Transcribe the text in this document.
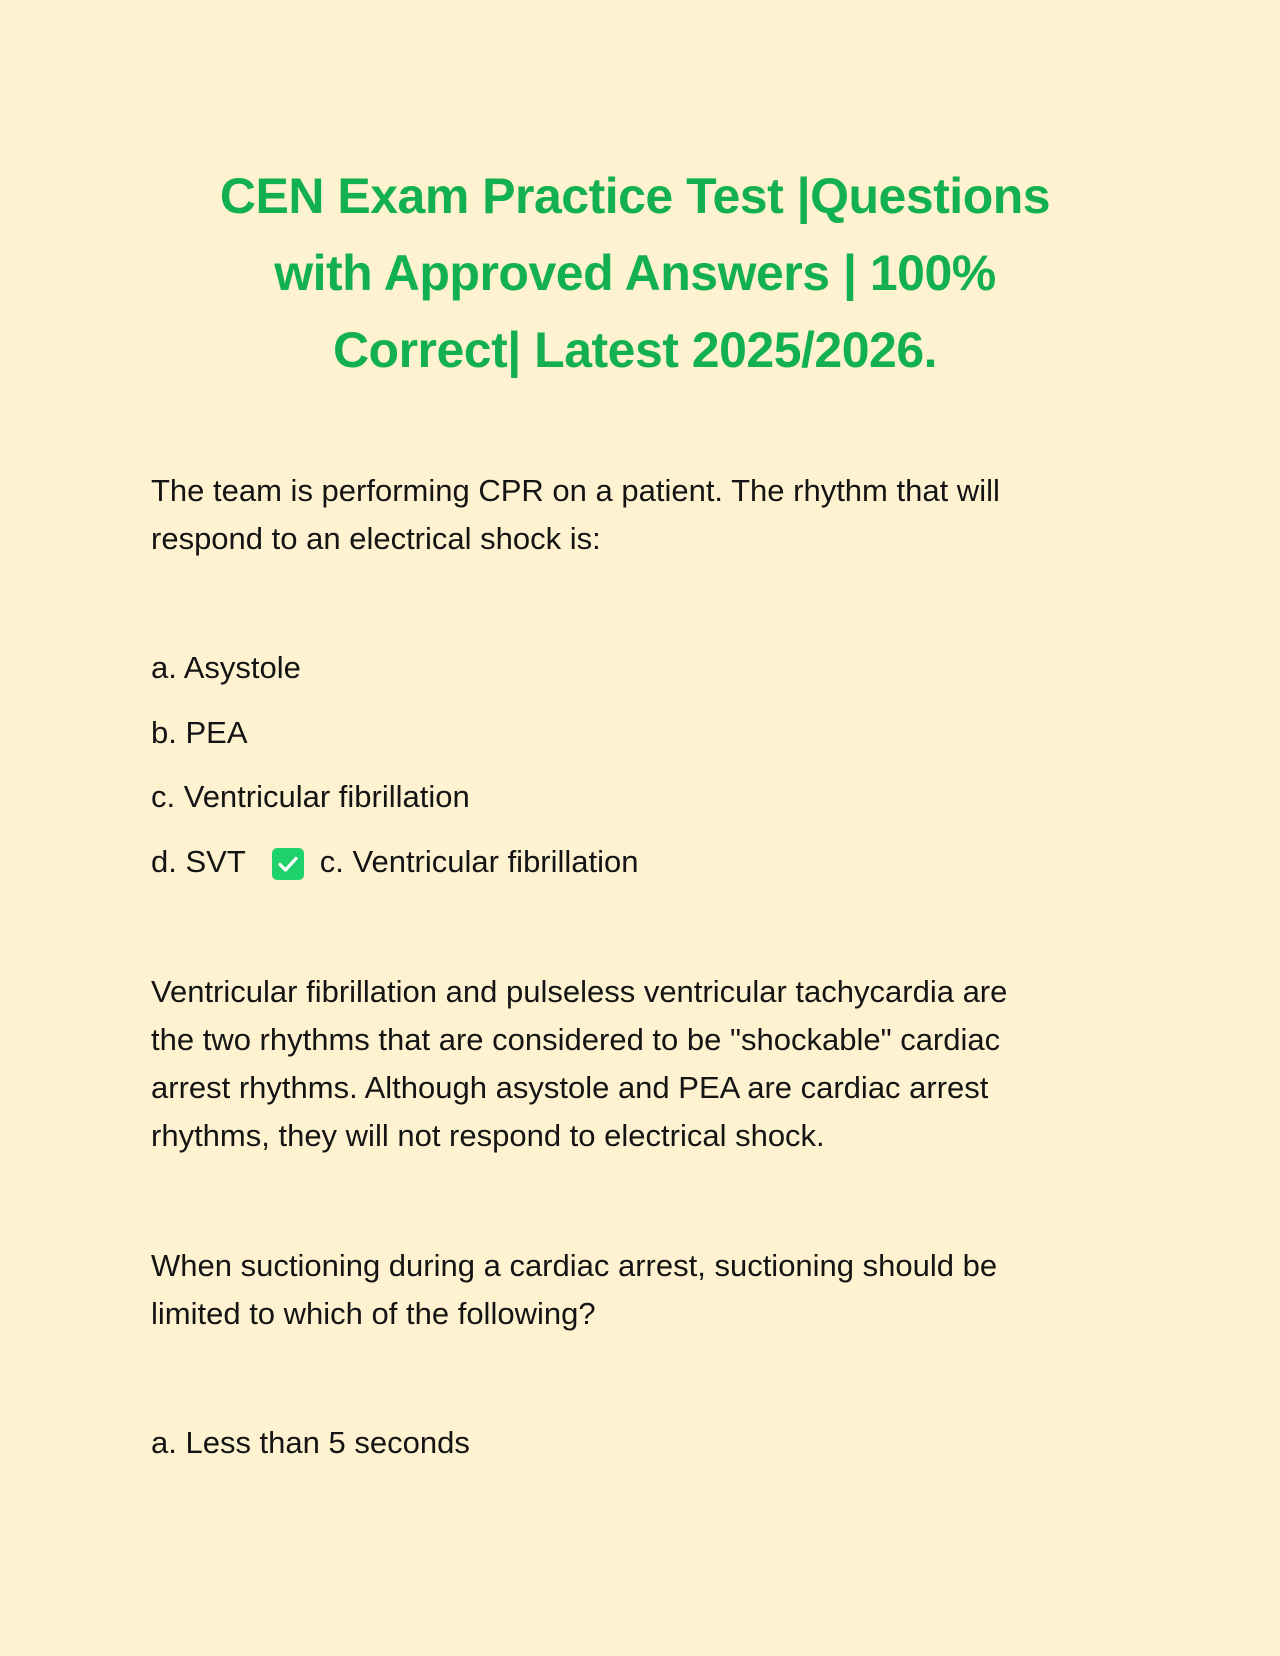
CEN Exam Practice Test |Questions
with Approved Answers | 100%
Correct| Latest 2025/2026.

The team is performing CPR on a patient. The rhythm that will
respond to an electrical shock is:

a. Asystole

b. PEA

c. Ventricular fibrillation

d. SVT c. Ventricular fibrillation

Ventricular fibrillation and pulseless ventricular tachycardia are
the two rhythms that are considered to be "shockable" cardiac
arrest rhythms. Although asystole and PEA are cardiac arrest
rhythms, they will not respond to electrical shock.

When suctioning during a cardiac arrest, suctioning should be
limited to which of the following?

a. Less than 5 seconds
